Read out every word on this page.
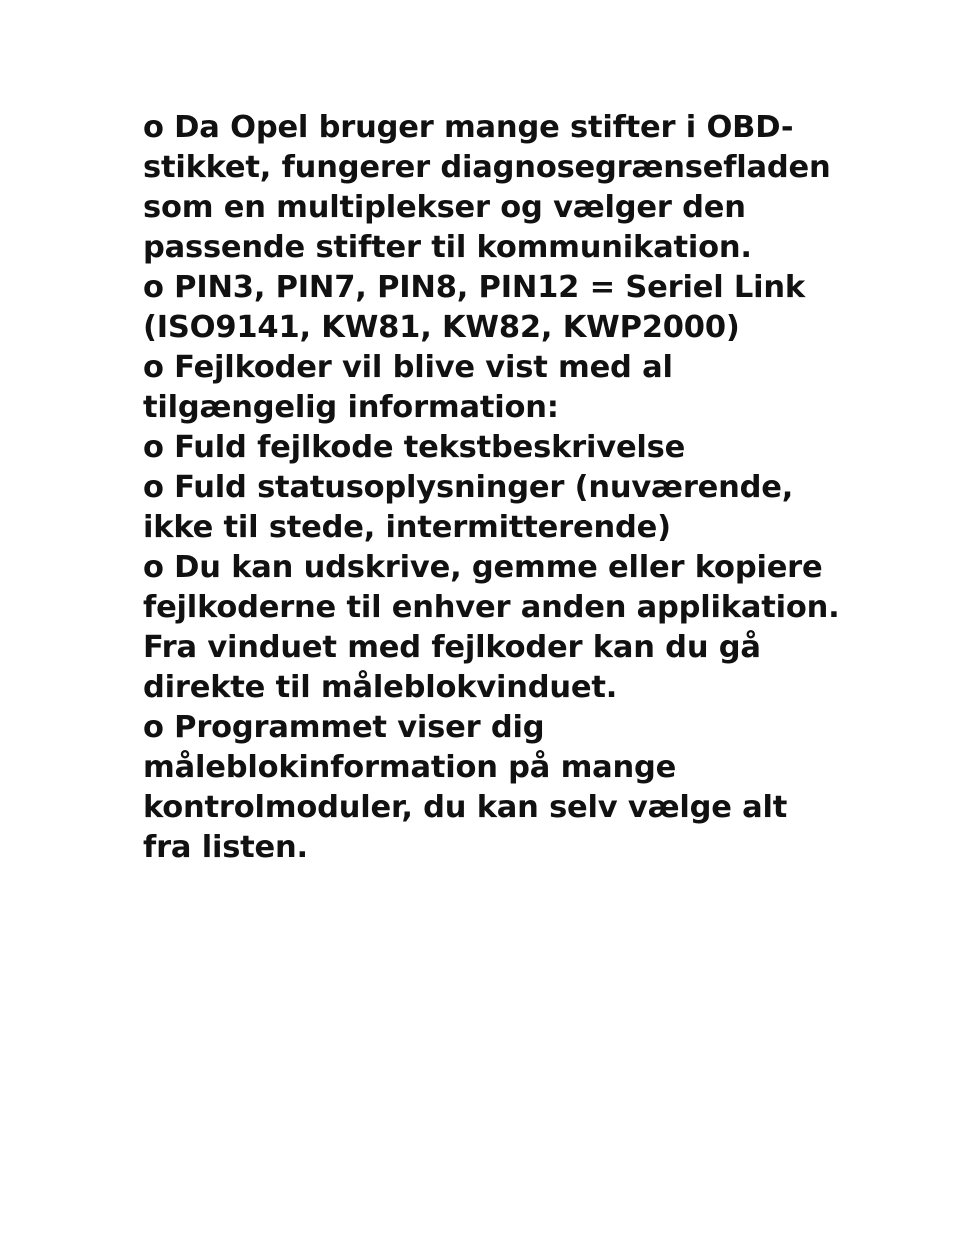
o Da Opel bruger mange stifter i OBD-stikket, fungerer diagnosegrænsefladen som en multiplekser og vælger den passende stifter til kommunikation.

o PIN3, PIN7, PIN8, PIN12 = Seriel Link (ISO9141, KW81, KW82, KWP2000)

o Fejlkoder vil blive vist med al tilgængelig information:

o Fuld fejlkode tekstbeskrivelse

o Fuld statusoplysninger (nuværende, ikke til stede, intermitterende)

o Du kan udskrive, gemme eller kopiere fejlkoderne til enhver anden applikation. Fra vinduet med fejlkoder kan du gå direkte til måleblokvinduet.

o Programmet viser dig måleblokinformation på mange kontrolmoduler, du kan selv vælge alt fra listen.
